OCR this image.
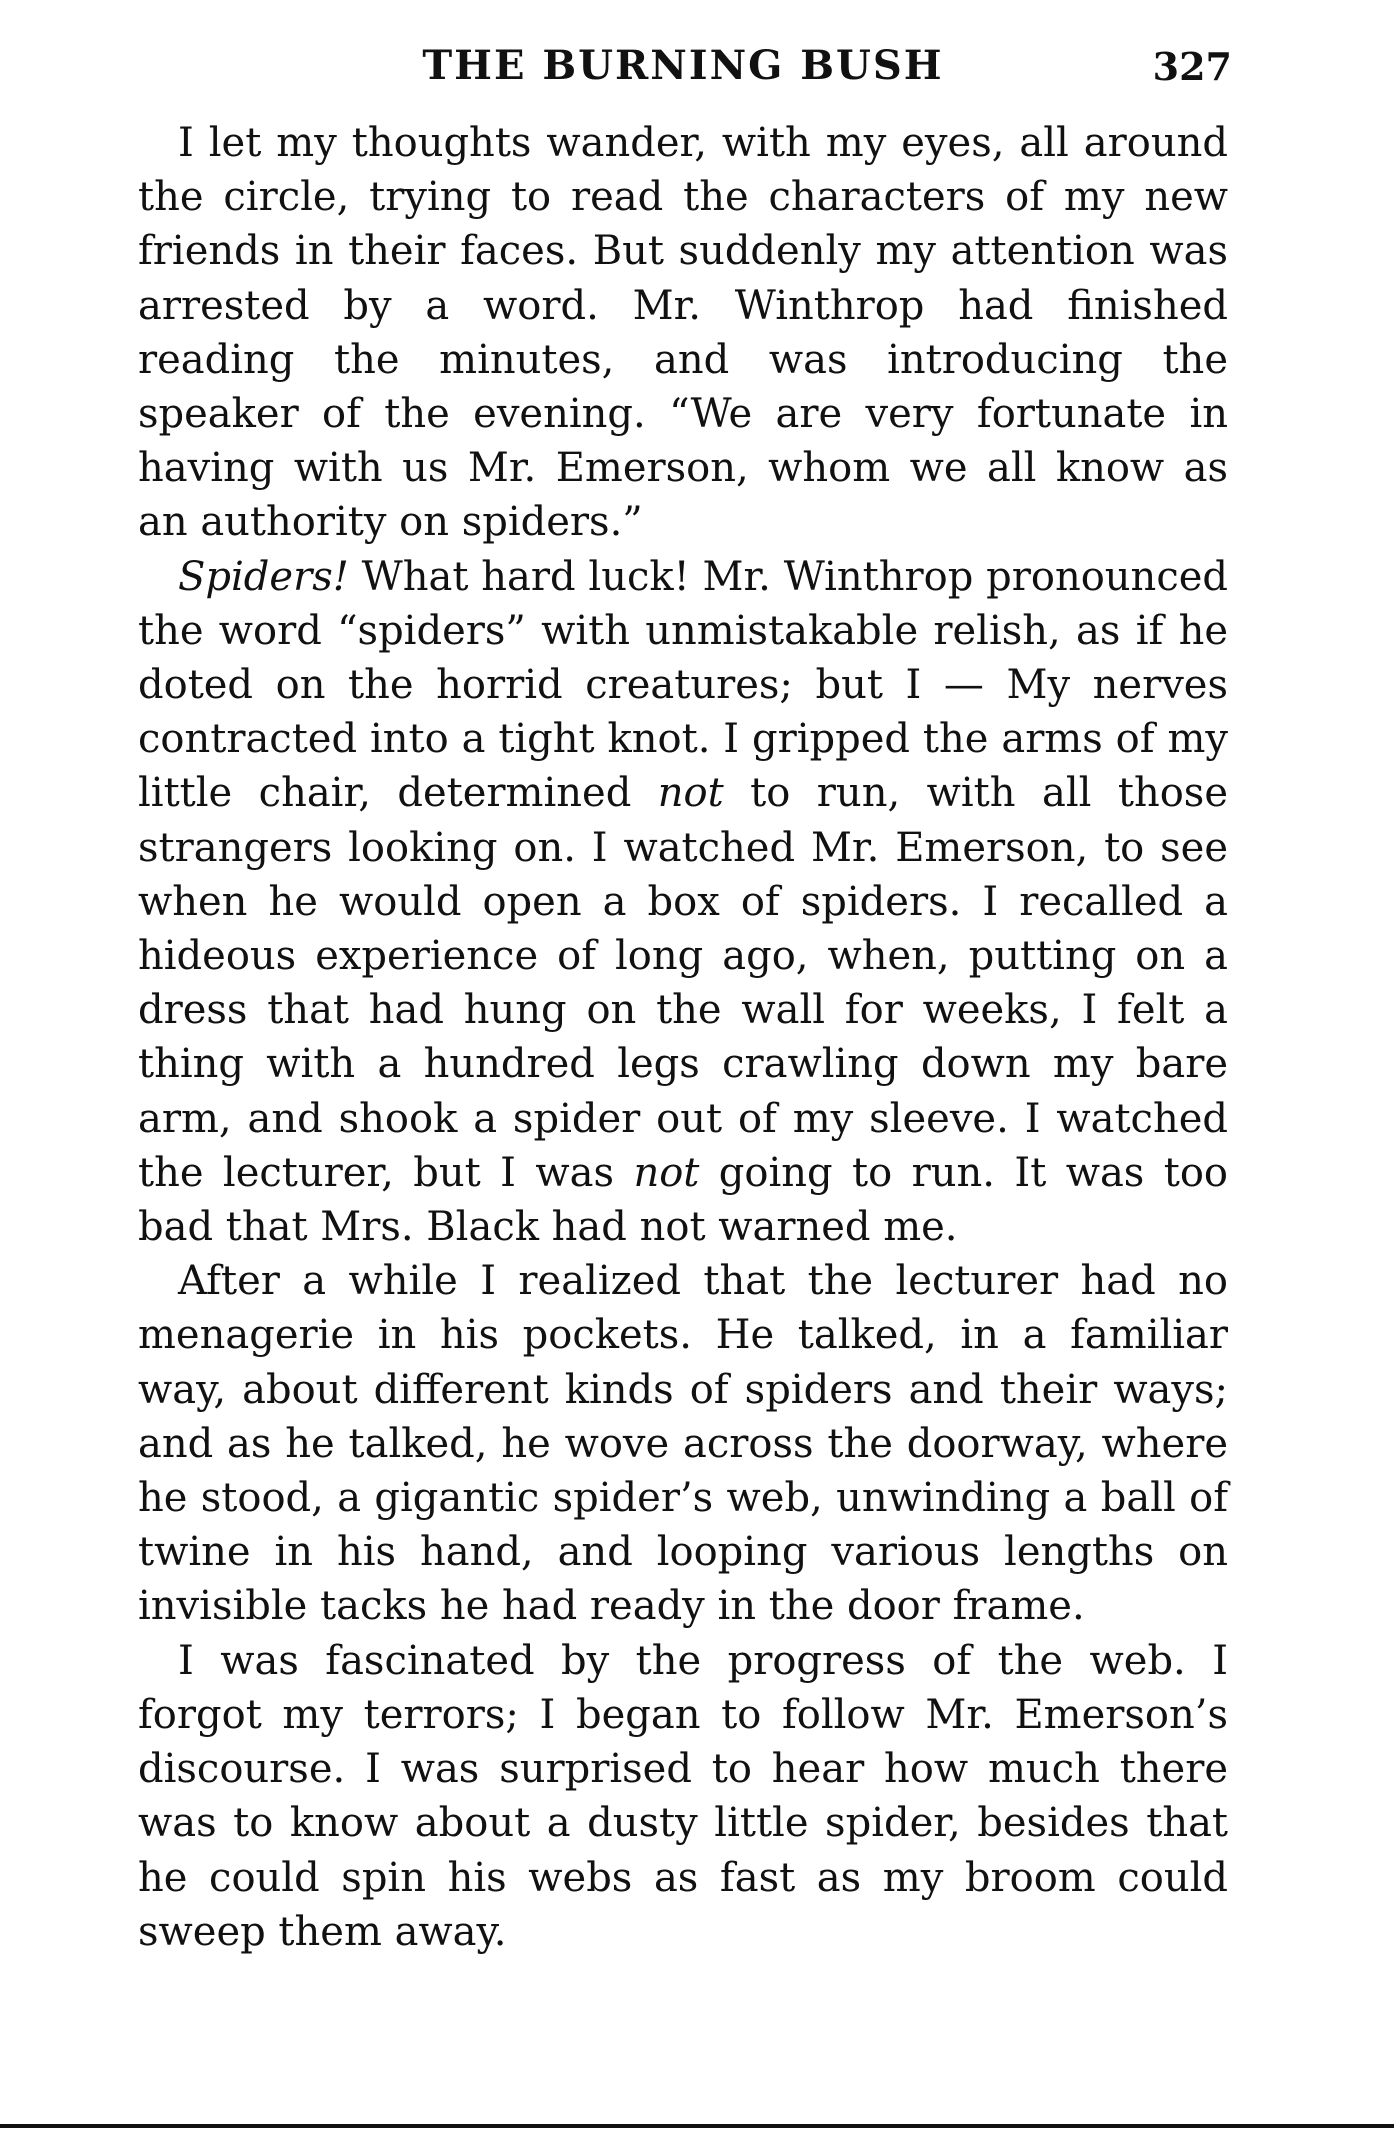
THE BURNING BUSH	327

I let my thoughts wander, with my eyes, all around the circle, trying to read the characters of my new friends in their faces. But suddenly my attention was arrested by a word. Mr. Winthrop had finished reading the minutes, and was introducing the speaker of the evening. “We are very fortunate in having with us Mr. Emerson, whom we all know as an authority on spiders.”

Spiders! What hard luck! Mr. Winthrop pronounced the word “spiders” with unmistakable relish, as if he doted on the horrid creatures; but I — My nerves contracted into a tight knot. I gripped the arms of my little chair, determined not to run, with all those strangers looking on. I watched Mr. Emerson, to see when he would open a box of spiders. I recalled a hideous experience of long ago, when, putting on a dress that had hung on the wall for weeks, I felt a thing with a hundred legs crawling down my bare arm, and shook a spider out of my sleeve. I watched the lecturer, but I was not going to run. It was too bad that Mrs. Black had not warned me.

After a while I realized that the lecturer had no menagerie in his pockets. He talked, in a familiar way, about different kinds of spiders and their ways; and as he talked, he wove across the doorway, where he stood, a gigantic spider’s web, unwinding a ball of twine in his hand, and looping various lengths on invisible tacks he had ready in the door frame.

I was fascinated by the progress of the web. I forgot my terrors; I began to follow Mr. Emerson’s discourse. I was surprised to hear how much there was to know about a dusty little spider, besides that he could spin his webs as fast as my broom could sweep them away.
